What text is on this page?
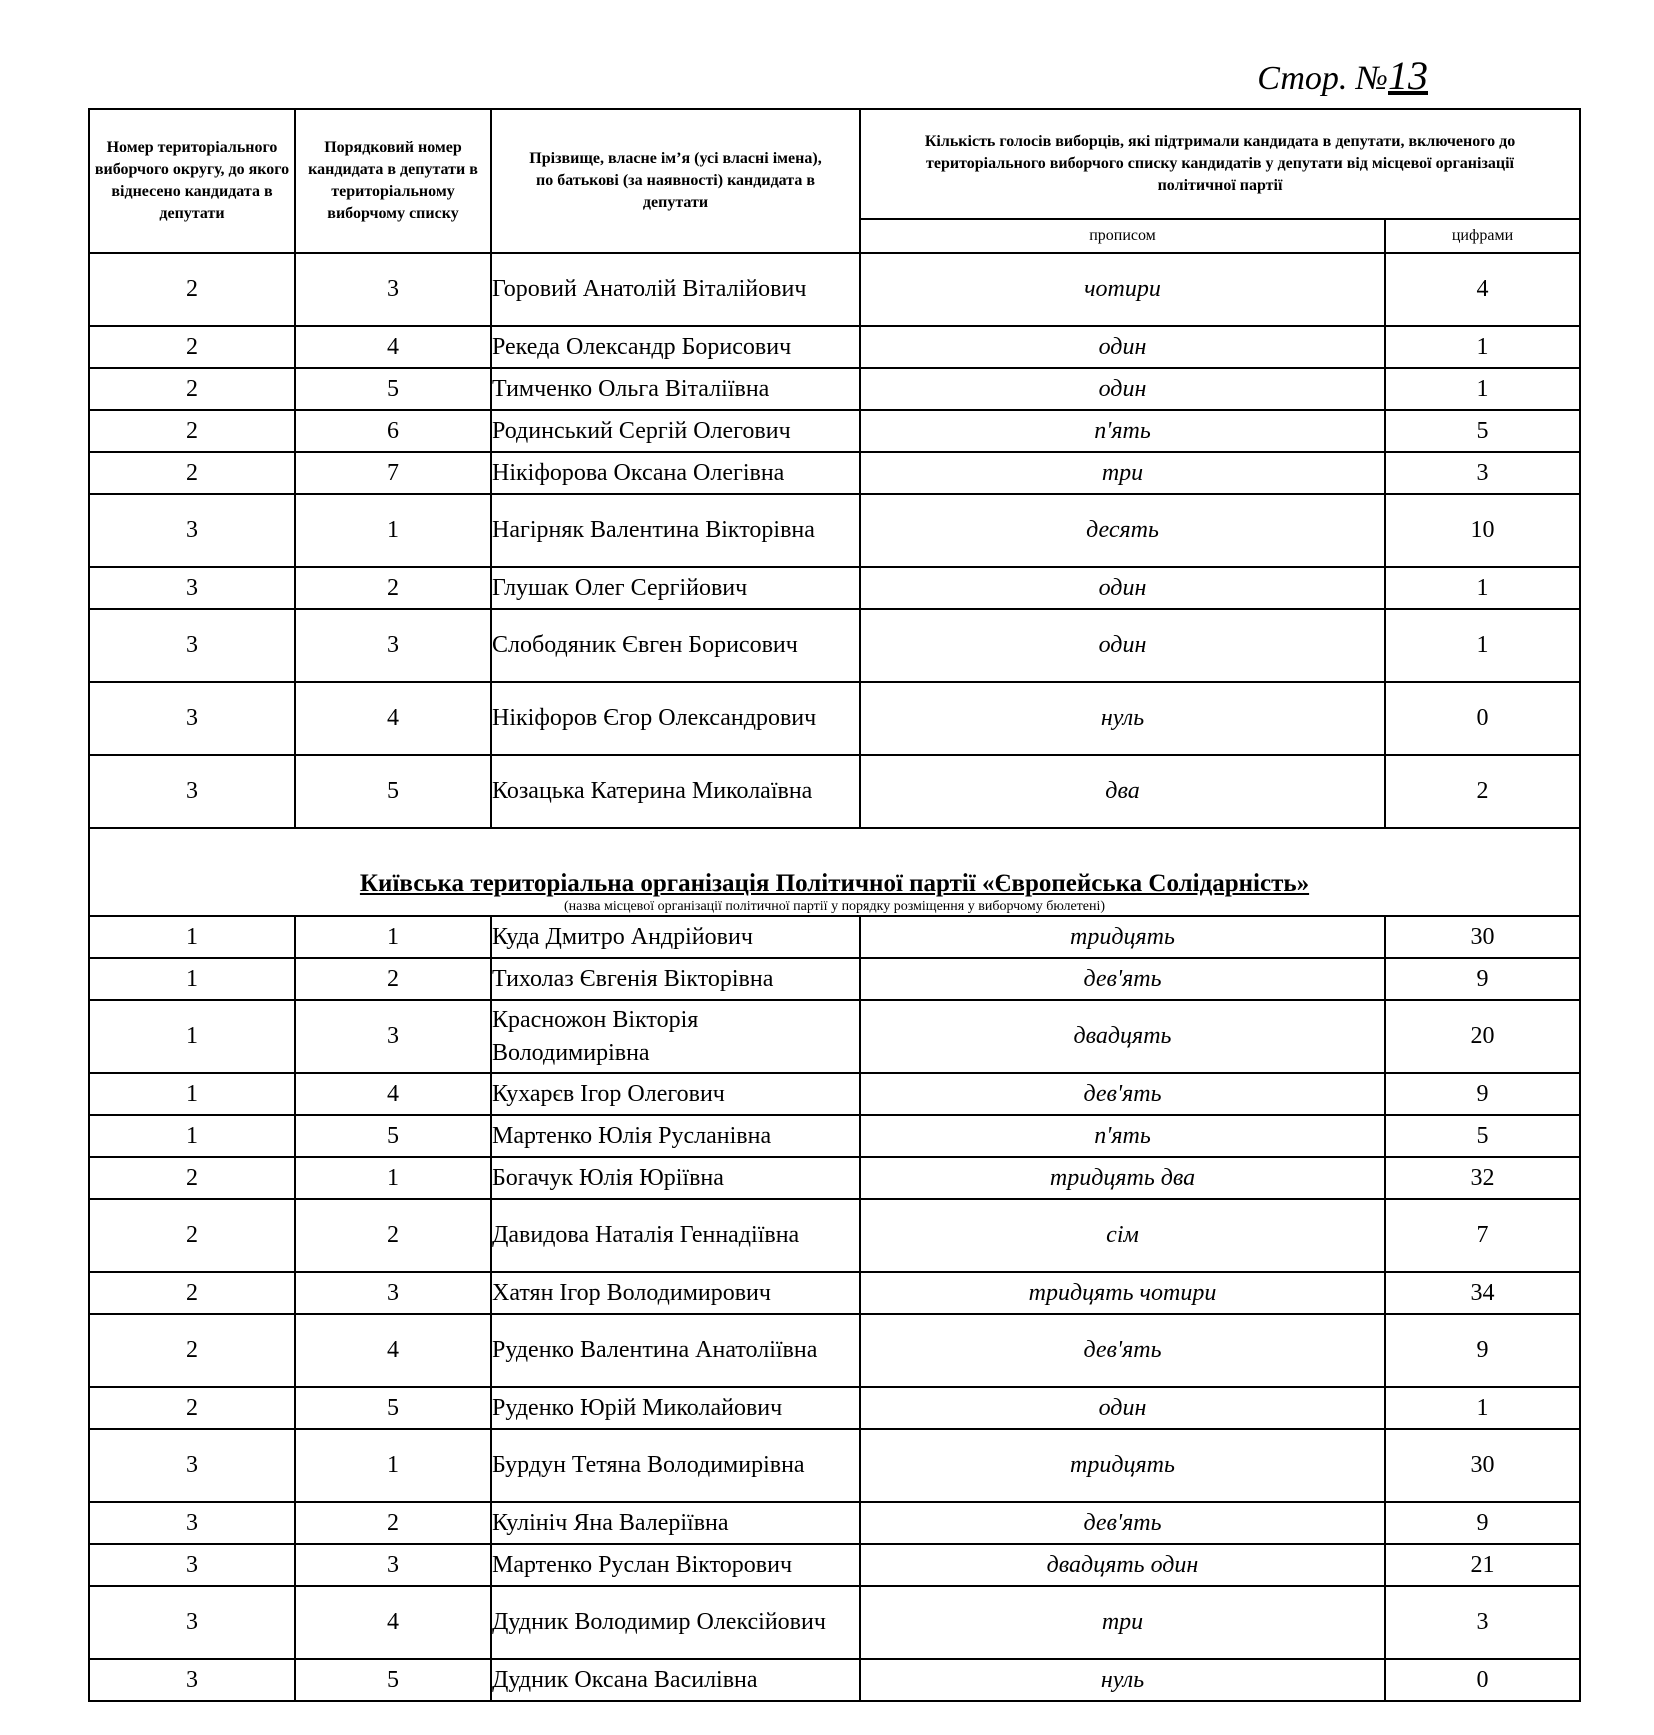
Стор. №13
Номер територіального виборчого округу, до якого віднесено кандидата в депутати	Порядковий номер кандидата в депутати в територіальному виборчому списку	Прізвище, власне ім’я (усі власні імена), по батькові (за наявності) кандидата в депутати	Кількість голосів виборців, які підтримали кандидата в депутати, включеного до територіального виборчого списку кандидатів у депутати від місцевої організації політичної партії	
			прописом	цифрами
2	3	Горовий Анатолій Віталійович	чотири	4
2	4	Рекеда Олександр Борисович	один	1
2	5	Тимченко Ольга Віталіївна	один	1
2	6	Родинський Сергій Олегович	п'ять	5
2	7	Нікіфорова Оксана Олегівна	три	3
3	1	Нагірняк Валентина Вікторівна	десять	10
3	2	Глушак Олег Сергійович	один	1
3	3	Слободяник Євген Борисович	один	1
3	4	Нікіфоров Єгор Олександрович	нуль	0
3	5	Козацька Катерина Миколаївна	два	2

Київська територіальна організація Політичної партії «Європейська Солідарність»
(назва місцевої організації політичної партії у порядку розміщення у виборчому бюлетені)				

1	1	Куда Дмитро Андрійович	тридцять	30
1	2	Тихолаз Євгенія Вікторівна	дев'ять	9
1	3	Красножон Вікторія Володимирівна	двадцять	20
1	4	Кухарєв Ігор Олегович	дев'ять	9
1	5	Мартенко Юлія Русланівна	п'ять	5
2	1	Богачук Юлія Юріївна	тридцять два	32
2	2	Давидова Наталія Геннадіївна	сім	7
2	3	Хатян Ігор Володимирович	тридцять чотири	34
2	4	Руденко Валентина Анатоліївна	дев'ять	9
2	5	Руденко Юрій Миколайович	один	1
3	1	Бурдун Тетяна Володимирівна	тридцять	30
3	2	Кулініч Яна Валеріївна	дев'ять	9
3	3	Мартенко Руслан Вікторович	двадцять один	21
3	4	Дудник Володимир Олексійович	три	3
3	5	Дудник Оксана Василівна	нуль	0
